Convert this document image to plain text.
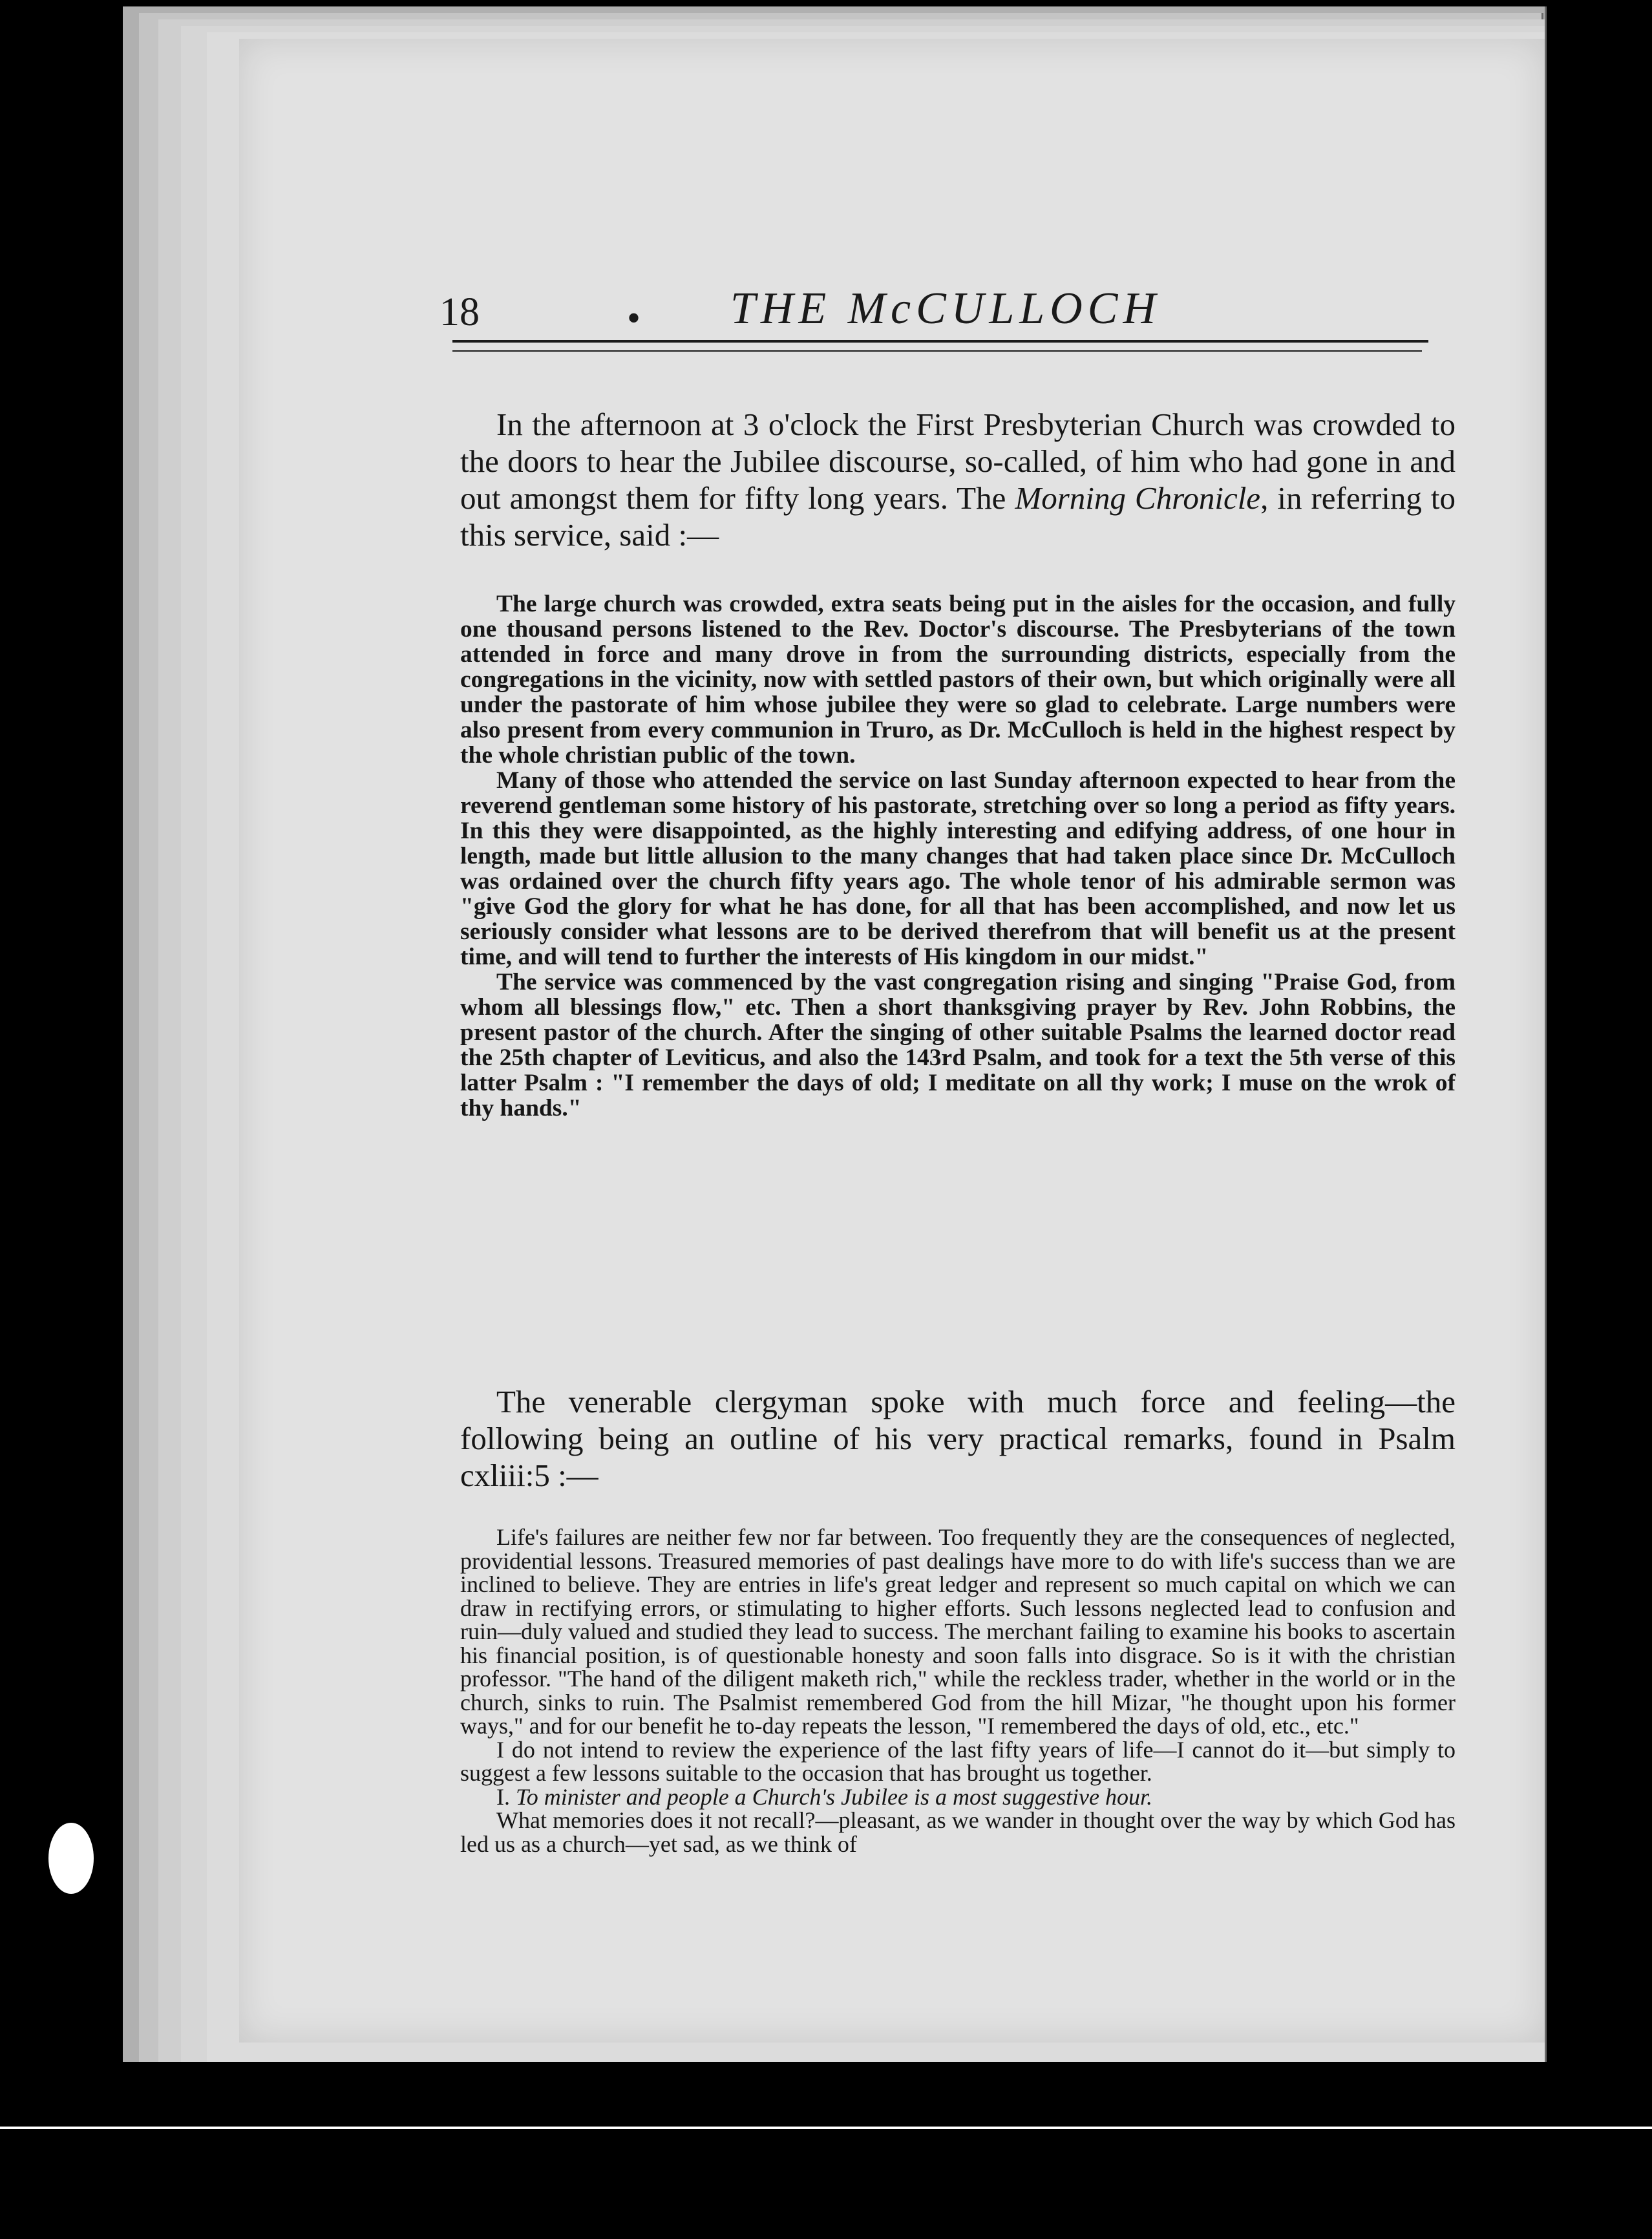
18	• THE McCULLOCH

In the afternoon at 3 o'clock the First Presbyterian Church was crowded to the doors to hear the Jubilee discourse, so-called, of him who had gone in and out amongst them for fifty long years. The Morning Chronicle, in referring to this service, said :—

The large church was crowded, extra seats being put in the aisles for the occasion, and fully one thousand persons listened to the Rev. Doctor's discourse. The Presbyterians of the town attended in force and many drove in from the surrounding districts, especially from the congregations in the vicinity, now with settled pastors of their own, but which originally were all under the pastorate of him whose jubilee they were so glad to celebrate. Large numbers were also present from every communion in Truro, as Dr. McCulloch is held in the highest respect by the whole christian public of the town.

Many of those who attended the service on last Sunday afternoon expected to hear from the reverend gentleman some history of his pastorate, stretching over so long a period as fifty years. In this they were disappointed, as the highly interesting and edifying address, of one hour in length, made but little allusion to the many changes that had taken place since Dr. McCulloch was ordained over the church fifty years ago. The whole tenor of his admirable sermon was "give God the glory for what he has done, for all that has been accomplished, and now let us seriously consider what lessons are to be derived therefrom that will benefit us at the present time, and will tend to further the interests of His kingdom in our midst."

The service was commenced by the vast congregation rising and singing "Praise God, from whom all blessings flow," etc. Then a short thanksgiving prayer by Rev. John Robbins, the present pastor of the church. After the singing of other suitable Psalms the learned doctor read the 25th chapter of Leviticus, and also the 143rd Psalm, and took for a text the 5th verse of this latter Psalm : "I remember the days of old; I meditate on all thy work; I muse on the wrok of thy hands."

The venerable clergyman spoke with much force and feeling—the following being an outline of his very practical remarks, found in Psalm cxliii:5 :—

Life's failures are neither few nor far between. Too frequently they are the consequences of neglected, providential lessons. Treasured memories of past dealings have more to do with life's success than we are inclined to believe. They are entries in life's great ledger and represent so much capital on which we can draw in rectifying errors, or stimulating to higher efforts. Such lessons neglected lead to confusion and ruin—duly valued and studied they lead to success. The merchant failing to examine his books to ascertain his financial position, is of questionable honesty and soon falls into disgrace. So is it with the christian professor. "The hand of the diligent maketh rich," while the reckless trader, whether in the world or in the church, sinks to ruin. The Psalmist remembered God from the hill Mizar, "he thought upon his former ways," and for our benefit he to-day repeats the lesson, "I remembered the days of old, etc., etc."

I do not intend to review the experience of the last fifty years of life—I cannot do it—but simply to suggest a few lessons suitable to the occasion that has brought us together.

I. To minister and people a Church's Jubilee is a most suggestive hour.

What memories does it not recall?—pleasant, as we wander in thought over the way by which God has led us as a church—yet sad, as we think of
